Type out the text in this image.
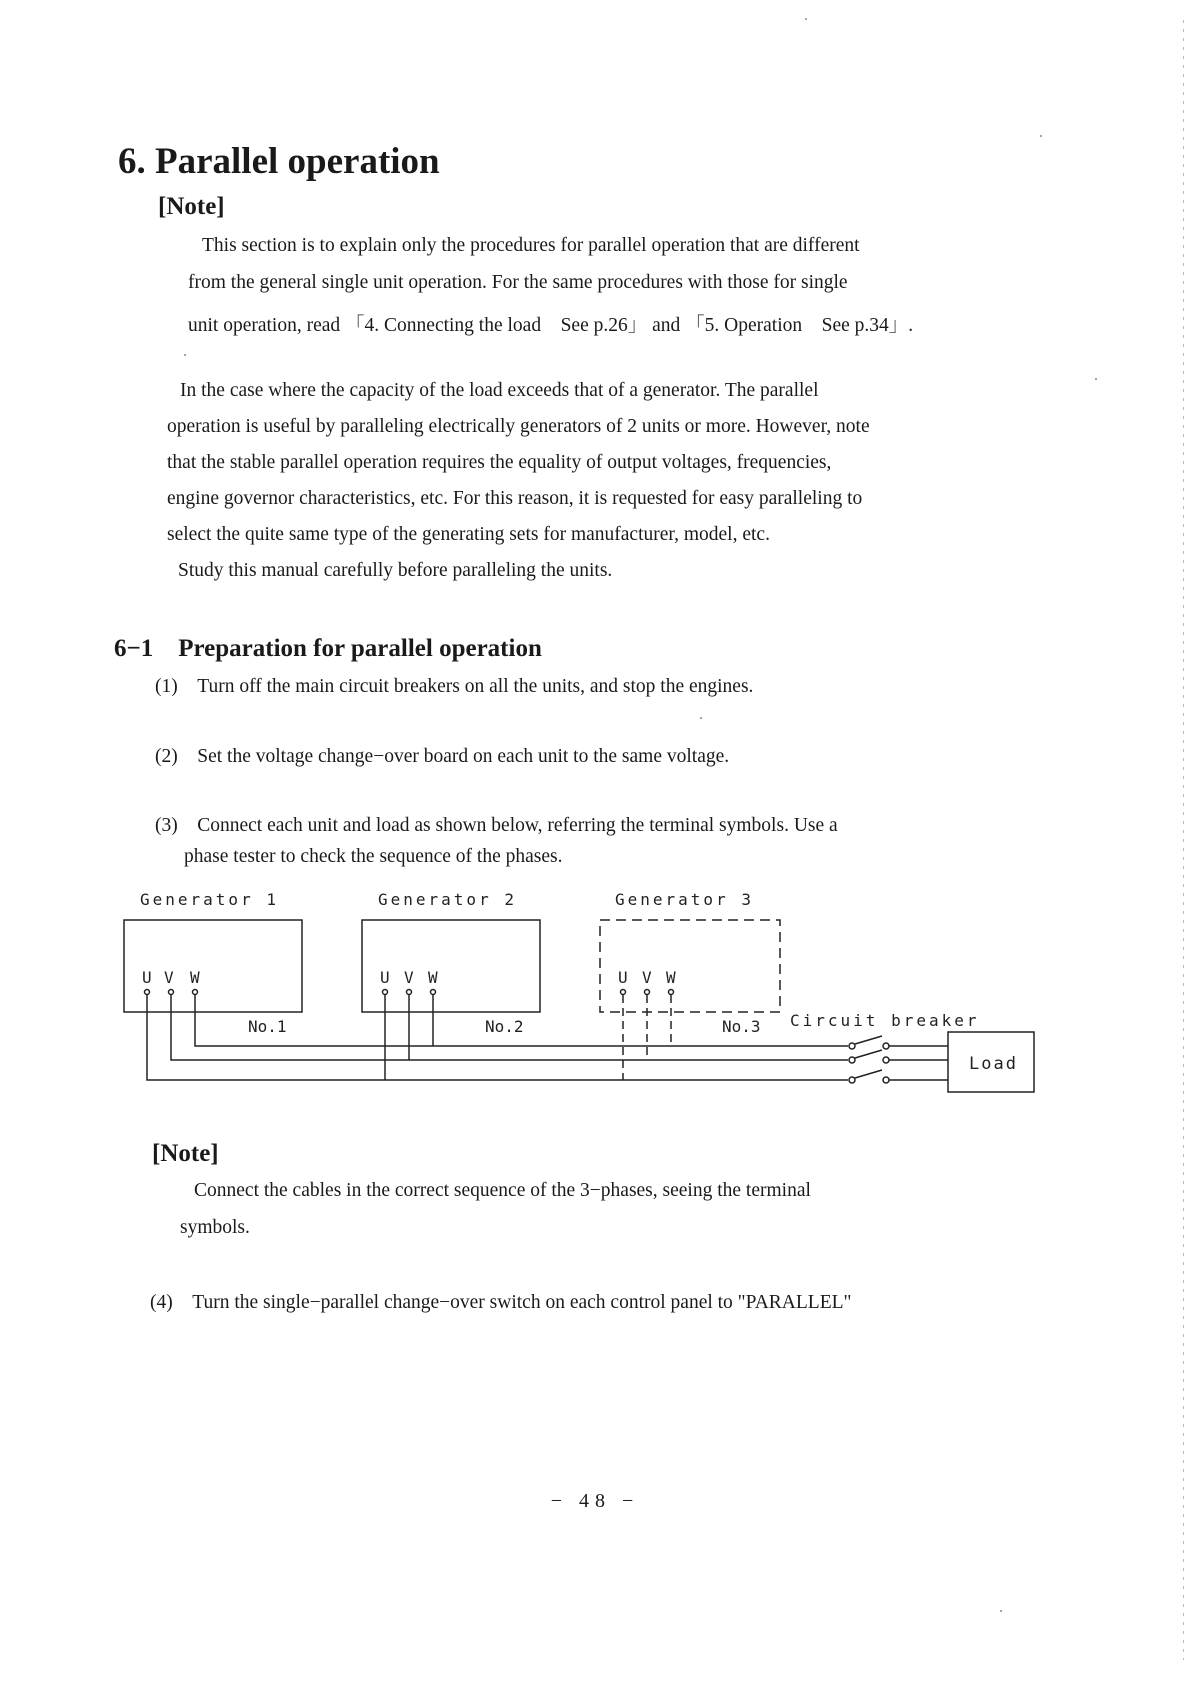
6. Parallel operation
[Note]
This section is to explain only the procedures for parallel operation that are different
from the general single unit operation. For the same procedures with those for single
unit operation, read 「4. Connecting the load　See p.26」 and 「5. Operation　See p.34」.
In the case where the capacity of the load exceeds that of a generator. The parallel
operation is useful by paralleling electrically generators of 2 units or more. However, note
that the stable parallel operation requires the equality of output voltages, frequencies,
engine governor characteristics, etc. For this reason, it is requested for easy paralleling to
select the quite same type of the generating sets for manufacturer, model, etc.
Study this manual carefully before paralleling the units.
6−1　Preparation for parallel operation
(1)　Turn off the main circuit breakers on all the units, and stop the engines.
(2)　Set the voltage change−over board on each unit to the same voltage.
(3)　Connect each unit and load as shown below, referring the terminal symbols. Use a
phase tester to check the sequence of the phases.
Generator 1	Generator 2	Generator 3
U V W	U V W	U V W
No.1	No.2	No.3 Circuit breaker
Load
[Note]
Connect the cables in the correct sequence of the 3−phases, seeing the terminal
symbols.
(4)　Turn the single−parallel change−over switch on each control panel to "PARALLEL"
− 48 −
